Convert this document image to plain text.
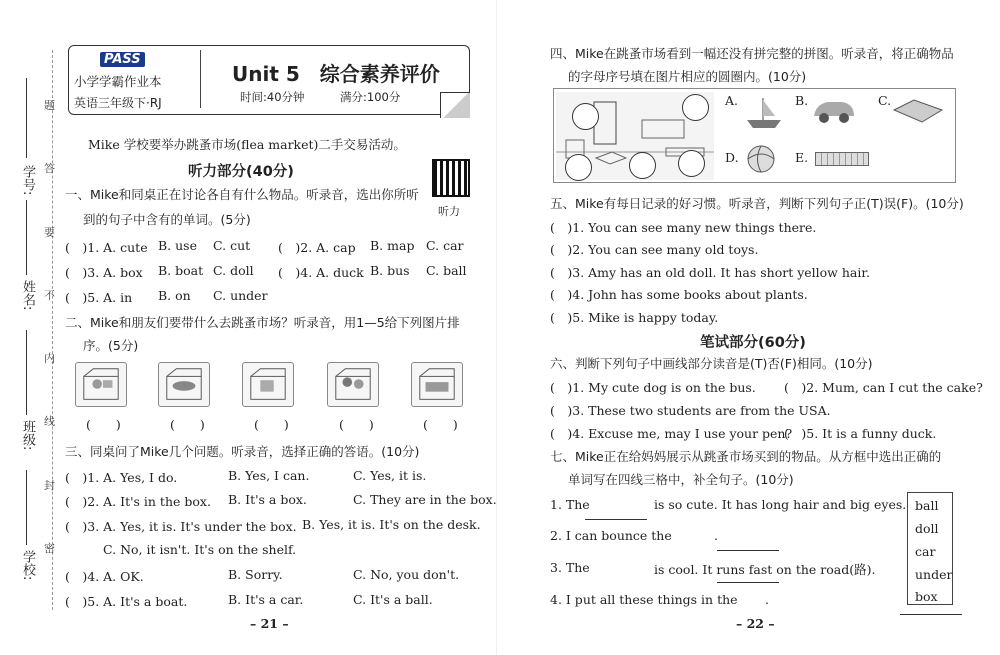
学号:
姓名:
班级:
学校:
题
答
要
不
内
线
封
密
PASS
小学学霸作业本
英语三年级下·RJ
Unit 5　综合素养评价
时间:40分钟	满分:100分
Mike 学校要举办跳蚤市场(flea market)二手交易活动。
听力部分(40分)
听力
一、Mike和同桌正在讨论各自有什么物品。听录音，选出你所听
到的句子中含有的单词。(5分)
(　)1. A. cute B. use C. cut (　)2. A. cap B. map C. car
(　)3. A. box B. boat C. doll (　)4. A. duck B. bus C. ball
(　)5. A. in B. on C. under
二、Mike和朋友们要带什么去跳蚤市场？听录音，用1—5给下列图片排
序。(5分)
(　　)	(　　)	(　　)	(　　)	(　　)
三、同桌问了Mike几个问题。听录音，选择正确的答语。(10分)
(　)1. A. Yes, I do.	B. Yes, I can.	C. Yes, it is.
(　)2. A. It's in the box. B. It's a box.	C. They are in the box.
(　)3. A. Yes, it is. It's under the box. B. Yes, it is. It's on the desk.
C. No, it isn't. It's on the shelf.
(　)4. A. OK.	B. Sorry.	C. No, you don't.
(　)5. A. It's a boat.	B. It's a car.	C. It's a ball.
– 21 –
四、Mike在跳蚤市场看到一幅还没有拼完整的拼图。听录音，将正确物品
的字母序号填在图片相应的圆圈内。(10分)
A.	B.	C.
D.	E.
五、Mike有每日记录的好习惯。听录音，判断下列句子正(T)误(F)。(10分)
(　)1. You can see many new things there.
(　)2. You can see many old toys.
(　)3. Amy has an old doll. It has short yellow hair.
(　)4. John has some books about plants.
(　)5. Mike is happy today.
笔试部分(60分)
六、判断下列句子中画线部分读音是(T)否(F)相同。(10分)
(　)1. My cute dog is on the bus. (　)2. Mum, can I cut the cake?
(　)3. These two students are from the USA.
(　)4. Excuse me, may I use your pen?
(　)5. It is a funny duck.
七、Mike正在给妈妈展示从跳蚤市场买到的物品。从方框中选出正确的
单词写在四线三格中，补全句子。(10分)
1. The
	is so cute. It has long hair and big eyes.
2. I can bounce the
	.
3. The
	is cool. It runs fast on the road(路).
4. I put all these things in the .
ball
doll
car
under
box
– 22 –
